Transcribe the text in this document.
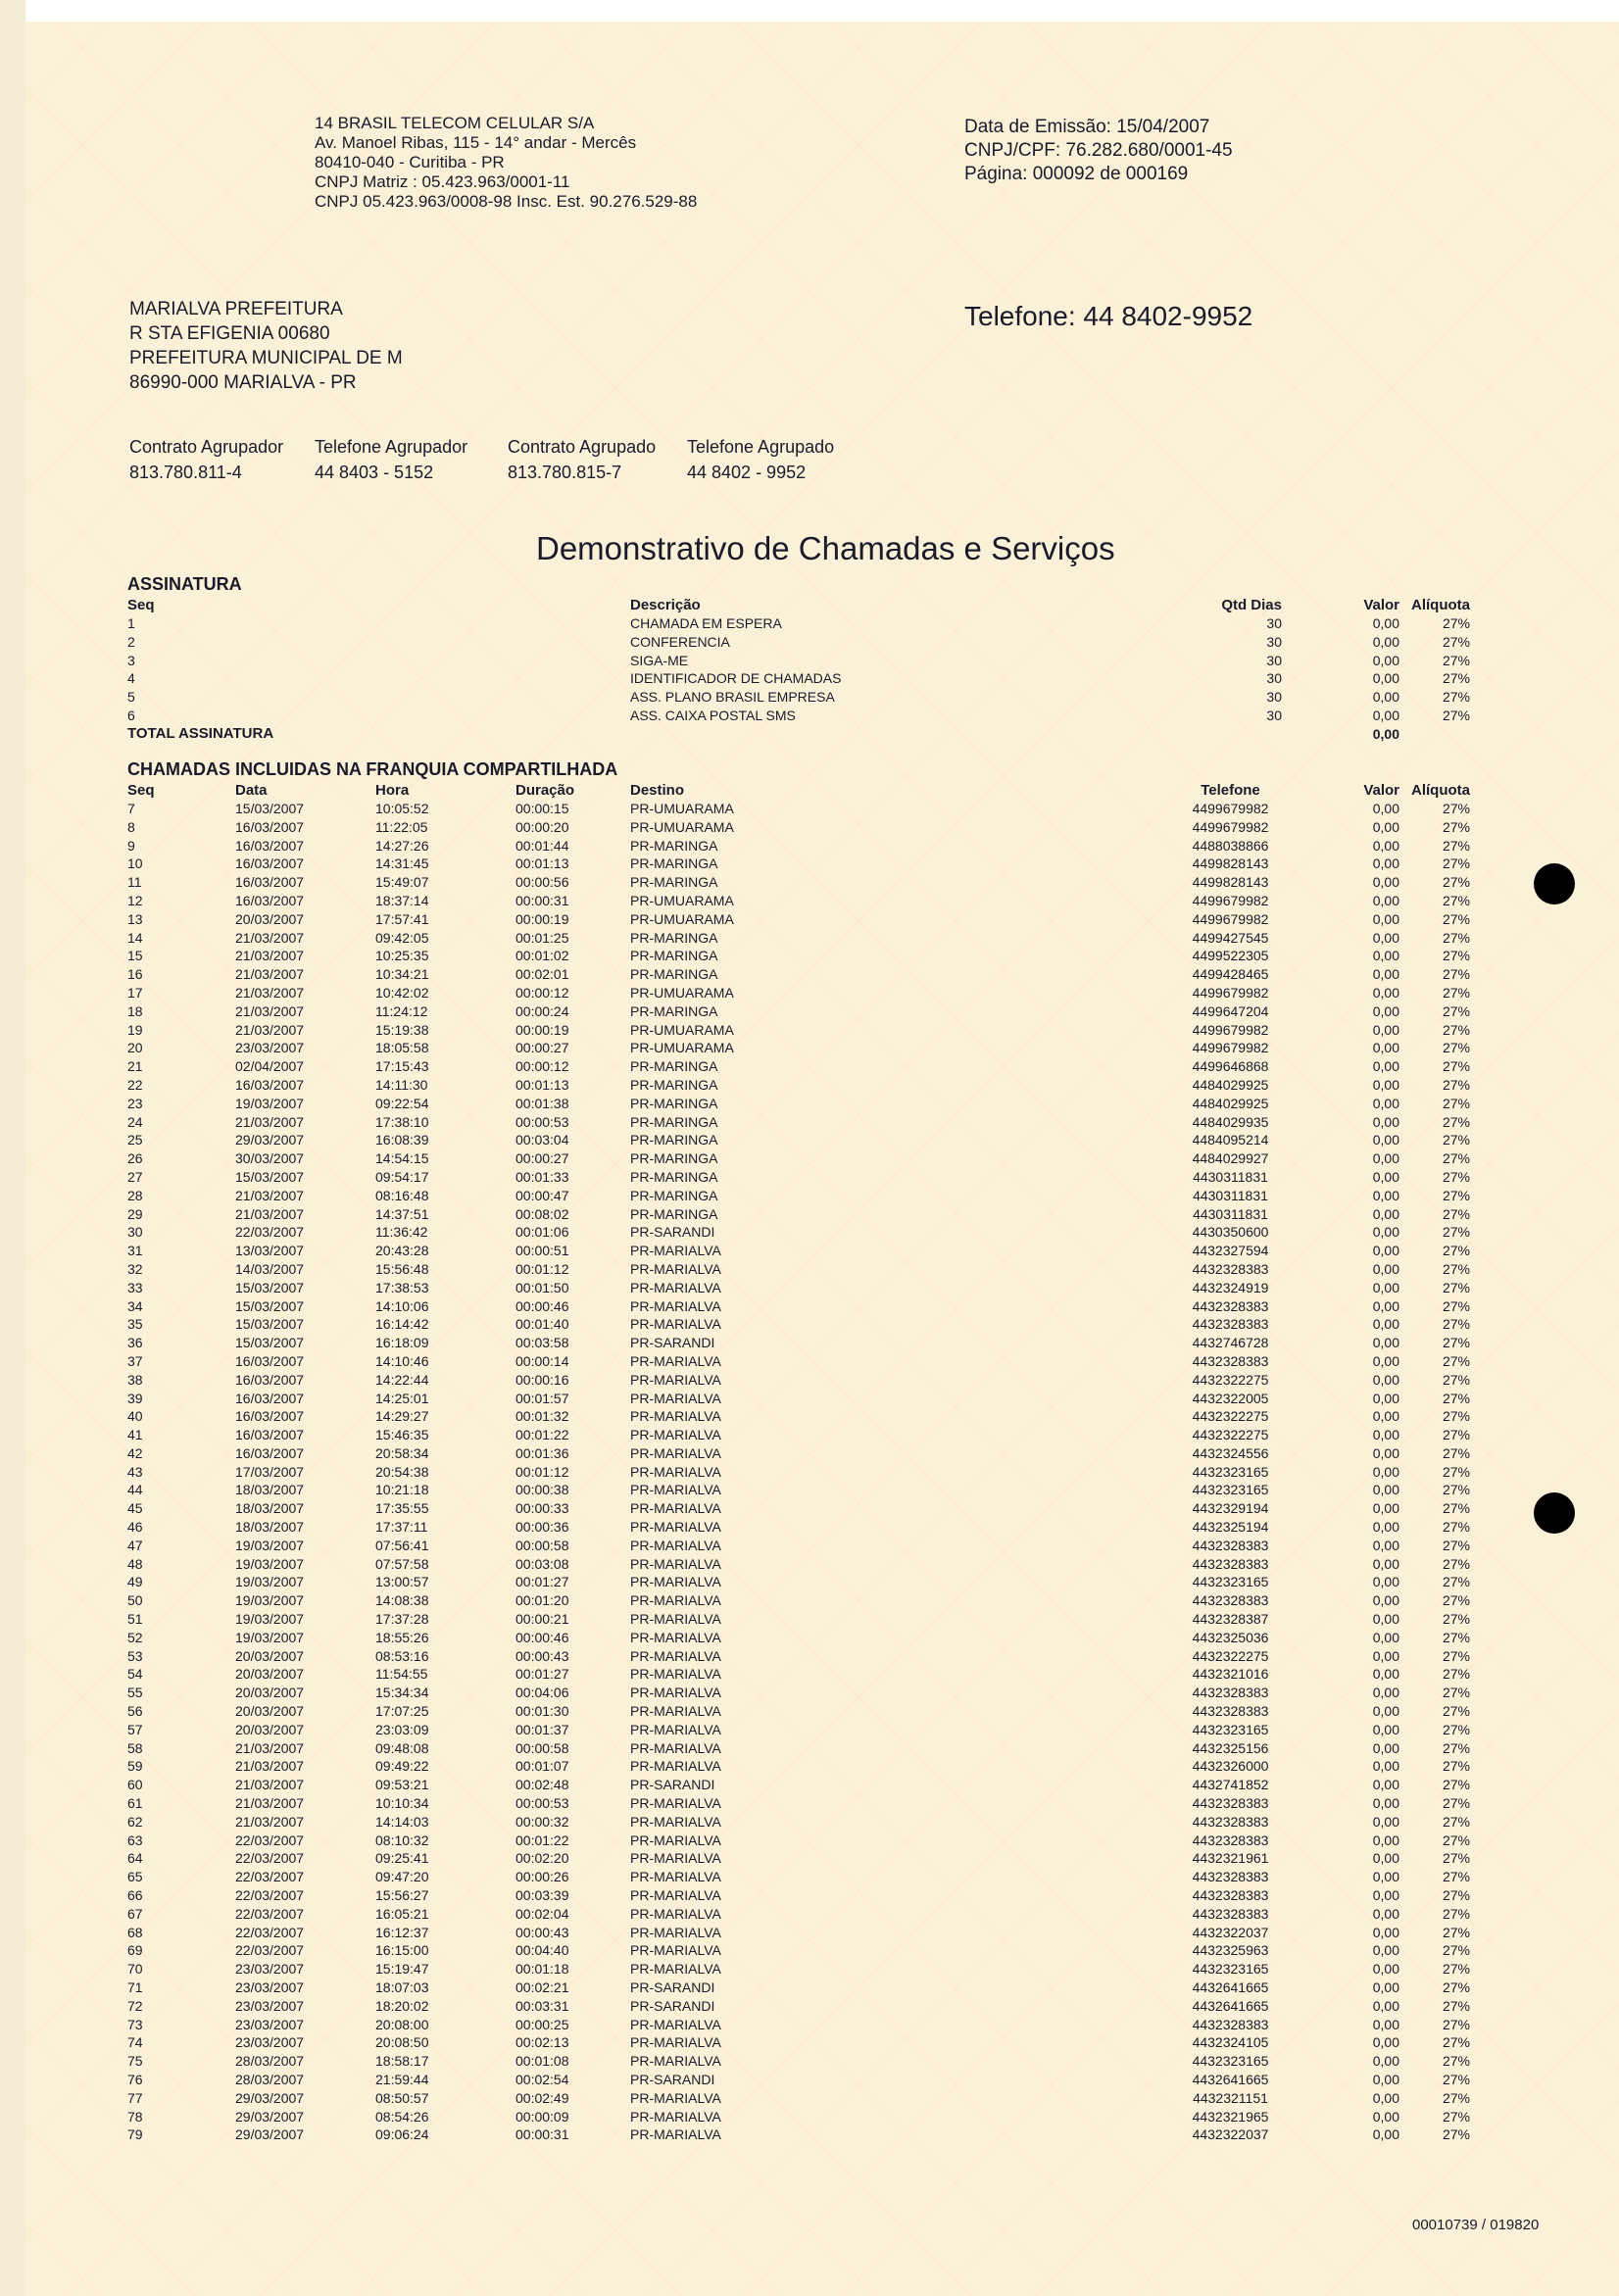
14 BRASIL TELECOM CELULAR S/A
Av. Manoel Ribas, 115 - 14° andar - Mercês
80410-040 - Curitiba - PR
CNPJ Matriz : 05.423.963/0001-11
CNPJ 05.423.963/0008-98 Insc. Est. 90.276.529-88
Data de Emissão: 15/04/2007
CNPJ/CPF: 76.282.680/0001-45
Página: 000092 de 000169
MARIALVA PREFEITURA
R STA EFIGENIA 00680
PREFEITURA MUNICIPAL DE M
86990-000 MARIALVA - PR
Telefone: 44 8402-9952
Contrato Agrupador Telefone Agrupador Contrato Agrupado Telefone Agrupado
813.780.811-4	44 8403 - 5152	813.780.815-7	44 8402 - 9952
Demonstrativo de Chamadas e Serviços
ASSINATURA
Seq	Descrição	Qtd Dias	Valor	Alíquota
1	CHAMADA EM ESPERA	30	0,00	27%
2	CONFERENCIA	30	0,00	27%
3	SIGA-ME	30	0,00	27%
4	IDENTIFICADOR DE CHAMADAS	30	0,00	27%
5	ASS. PLANO BRASIL EMPRESA	30	0,00	27%
6	ASS. CAIXA POSTAL SMS	30	0,00	27%
TOTAL ASSINATURA			0,00	
CHAMADAS INCLUIDAS NA FRANQUIA COMPARTILHADA
Seq	Data	Hora	Duração	Destino	Telefone	Valor	Alíquota
7	15/03/2007	10:05:52	00:00:15	PR-UMUARAMA	4499679982	0,00	27%
8	16/03/2007	11:22:05	00:00:20	PR-UMUARAMA	4499679982	0,00	27%
9	16/03/2007	14:27:26	00:01:44	PR-MARINGA	4488038866	0,00	27%
10	16/03/2007	14:31:45	00:01:13	PR-MARINGA	4499828143	0,00	27%
11	16/03/2007	15:49:07	00:00:56	PR-MARINGA	4499828143	0,00	27%
12	16/03/2007	18:37:14	00:00:31	PR-UMUARAMA	4499679982	0,00	27%
13	20/03/2007	17:57:41	00:00:19	PR-UMUARAMA	4499679982	0,00	27%
14	21/03/2007	09:42:05	00:01:25	PR-MARINGA	4499427545	0,00	27%
15	21/03/2007	10:25:35	00:01:02	PR-MARINGA	4499522305	0,00	27%
16	21/03/2007	10:34:21	00:02:01	PR-MARINGA	4499428465	0,00	27%
17	21/03/2007	10:42:02	00:00:12	PR-UMUARAMA	4499679982	0,00	27%
18	21/03/2007	11:24:12	00:00:24	PR-MARINGA	4499647204	0,00	27%
19	21/03/2007	15:19:38	00:00:19	PR-UMUARAMA	4499679982	0,00	27%
20	23/03/2007	18:05:58	00:00:27	PR-UMUARAMA	4499679982	0,00	27%
21	02/04/2007	17:15:43	00:00:12	PR-MARINGA	4499646868	0,00	27%
22	16/03/2007	14:11:30	00:01:13	PR-MARINGA	4484029925	0,00	27%
23	19/03/2007	09:22:54	00:01:38	PR-MARINGA	4484029925	0,00	27%
24	21/03/2007	17:38:10	00:00:53	PR-MARINGA	4484029935	0,00	27%
25	29/03/2007	16:08:39	00:03:04	PR-MARINGA	4484095214	0,00	27%
26	30/03/2007	14:54:15	00:00:27	PR-MARINGA	4484029927	0,00	27%
27	15/03/2007	09:54:17	00:01:33	PR-MARINGA	4430311831	0,00	27%
28	21/03/2007	08:16:48	00:00:47	PR-MARINGA	4430311831	0,00	27%
29	21/03/2007	14:37:51	00:08:02	PR-MARINGA	4430311831	0,00	27%
30	22/03/2007	11:36:42	00:01:06	PR-SARANDI	4430350600	0,00	27%
31	13/03/2007	20:43:28	00:00:51	PR-MARIALVA	4432327594	0,00	27%
32	14/03/2007	15:56:48	00:01:12	PR-MARIALVA	4432328383	0,00	27%
33	15/03/2007	17:38:53	00:01:50	PR-MARIALVA	4432324919	0,00	27%
34	15/03/2007	14:10:06	00:00:46	PR-MARIALVA	4432328383	0,00	27%
35	15/03/2007	16:14:42	00:01:40	PR-MARIALVA	4432328383	0,00	27%
36	15/03/2007	16:18:09	00:03:58	PR-SARANDI	4432746728	0,00	27%
37	16/03/2007	14:10:46	00:00:14	PR-MARIALVA	4432328383	0,00	27%
38	16/03/2007	14:22:44	00:00:16	PR-MARIALVA	4432322275	0,00	27%
39	16/03/2007	14:25:01	00:01:57	PR-MARIALVA	4432322005	0,00	27%
40	16/03/2007	14:29:27	00:01:32	PR-MARIALVA	4432322275	0,00	27%
41	16/03/2007	15:46:35	00:01:22	PR-MARIALVA	4432322275	0,00	27%
42	16/03/2007	20:58:34	00:01:36	PR-MARIALVA	4432324556	0,00	27%
43	17/03/2007	20:54:38	00:01:12	PR-MARIALVA	4432323165	0,00	27%
44	18/03/2007	10:21:18	00:00:38	PR-MARIALVA	4432323165	0,00	27%
45	18/03/2007	17:35:55	00:00:33	PR-MARIALVA	4432329194	0,00	27%
46	18/03/2007	17:37:11	00:00:36	PR-MARIALVA	4432325194	0,00	27%
47	19/03/2007	07:56:41	00:00:58	PR-MARIALVA	4432328383	0,00	27%
48	19/03/2007	07:57:58	00:03:08	PR-MARIALVA	4432328383	0,00	27%
49	19/03/2007	13:00:57	00:01:27	PR-MARIALVA	4432323165	0,00	27%
50	19/03/2007	14:08:38	00:01:20	PR-MARIALVA	4432328383	0,00	27%
51	19/03/2007	17:37:28	00:00:21	PR-MARIALVA	4432328387	0,00	27%
52	19/03/2007	18:55:26	00:00:46	PR-MARIALVA	4432325036	0,00	27%
53	20/03/2007	08:53:16	00:00:43	PR-MARIALVA	4432322275	0,00	27%
54	20/03/2007	11:54:55	00:01:27	PR-MARIALVA	4432321016	0,00	27%
55	20/03/2007	15:34:34	00:04:06	PR-MARIALVA	4432328383	0,00	27%
56	20/03/2007	17:07:25	00:01:30	PR-MARIALVA	4432328383	0,00	27%
57	20/03/2007	23:03:09	00:01:37	PR-MARIALVA	4432323165	0,00	27%
58	21/03/2007	09:48:08	00:00:58	PR-MARIALVA	4432325156	0,00	27%
59	21/03/2007	09:49:22	00:01:07	PR-MARIALVA	4432326000	0,00	27%
60	21/03/2007	09:53:21	00:02:48	PR-SARANDI	4432741852	0,00	27%
61	21/03/2007	10:10:34	00:00:53	PR-MARIALVA	4432328383	0,00	27%
62	21/03/2007	14:14:03	00:00:32	PR-MARIALVA	4432328383	0,00	27%
63	22/03/2007	08:10:32	00:01:22	PR-MARIALVA	4432328383	0,00	27%
64	22/03/2007	09:25:41	00:02:20	PR-MARIALVA	4432321961	0,00	27%
65	22/03/2007	09:47:20	00:00:26	PR-MARIALVA	4432328383	0,00	27%
66	22/03/2007	15:56:27	00:03:39	PR-MARIALVA	4432328383	0,00	27%
67	22/03/2007	16:05:21	00:02:04	PR-MARIALVA	4432328383	0,00	27%
68	22/03/2007	16:12:37	00:00:43	PR-MARIALVA	4432322037	0,00	27%
69	22/03/2007	16:15:00	00:04:40	PR-MARIALVA	4432325963	0,00	27%
70	23/03/2007	15:19:47	00:01:18	PR-MARIALVA	4432323165	0,00	27%
71	23/03/2007	18:07:03	00:02:21	PR-SARANDI	4432641665	0,00	27%
72	23/03/2007	18:20:02	00:03:31	PR-SARANDI	4432641665	0,00	27%
73	23/03/2007	20:08:00	00:00:25	PR-MARIALVA	4432328383	0,00	27%
74	23/03/2007	20:08:50	00:02:13	PR-MARIALVA	4432324105	0,00	27%
75	28/03/2007	18:58:17	00:01:08	PR-MARIALVA	4432323165	0,00	27%
76	28/03/2007	21:59:44	00:02:54	PR-SARANDI	4432641665	0,00	27%
77	29/03/2007	08:50:57	00:02:49	PR-MARIALVA	4432321151	0,00	27%
78	29/03/2007	08:54:26	00:00:09	PR-MARIALVA	4432321965	0,00	27%
79	29/03/2007	09:06:24	00:00:31	PR-MARIALVA	4432322037	0,00	27%
00010739 / 019820
